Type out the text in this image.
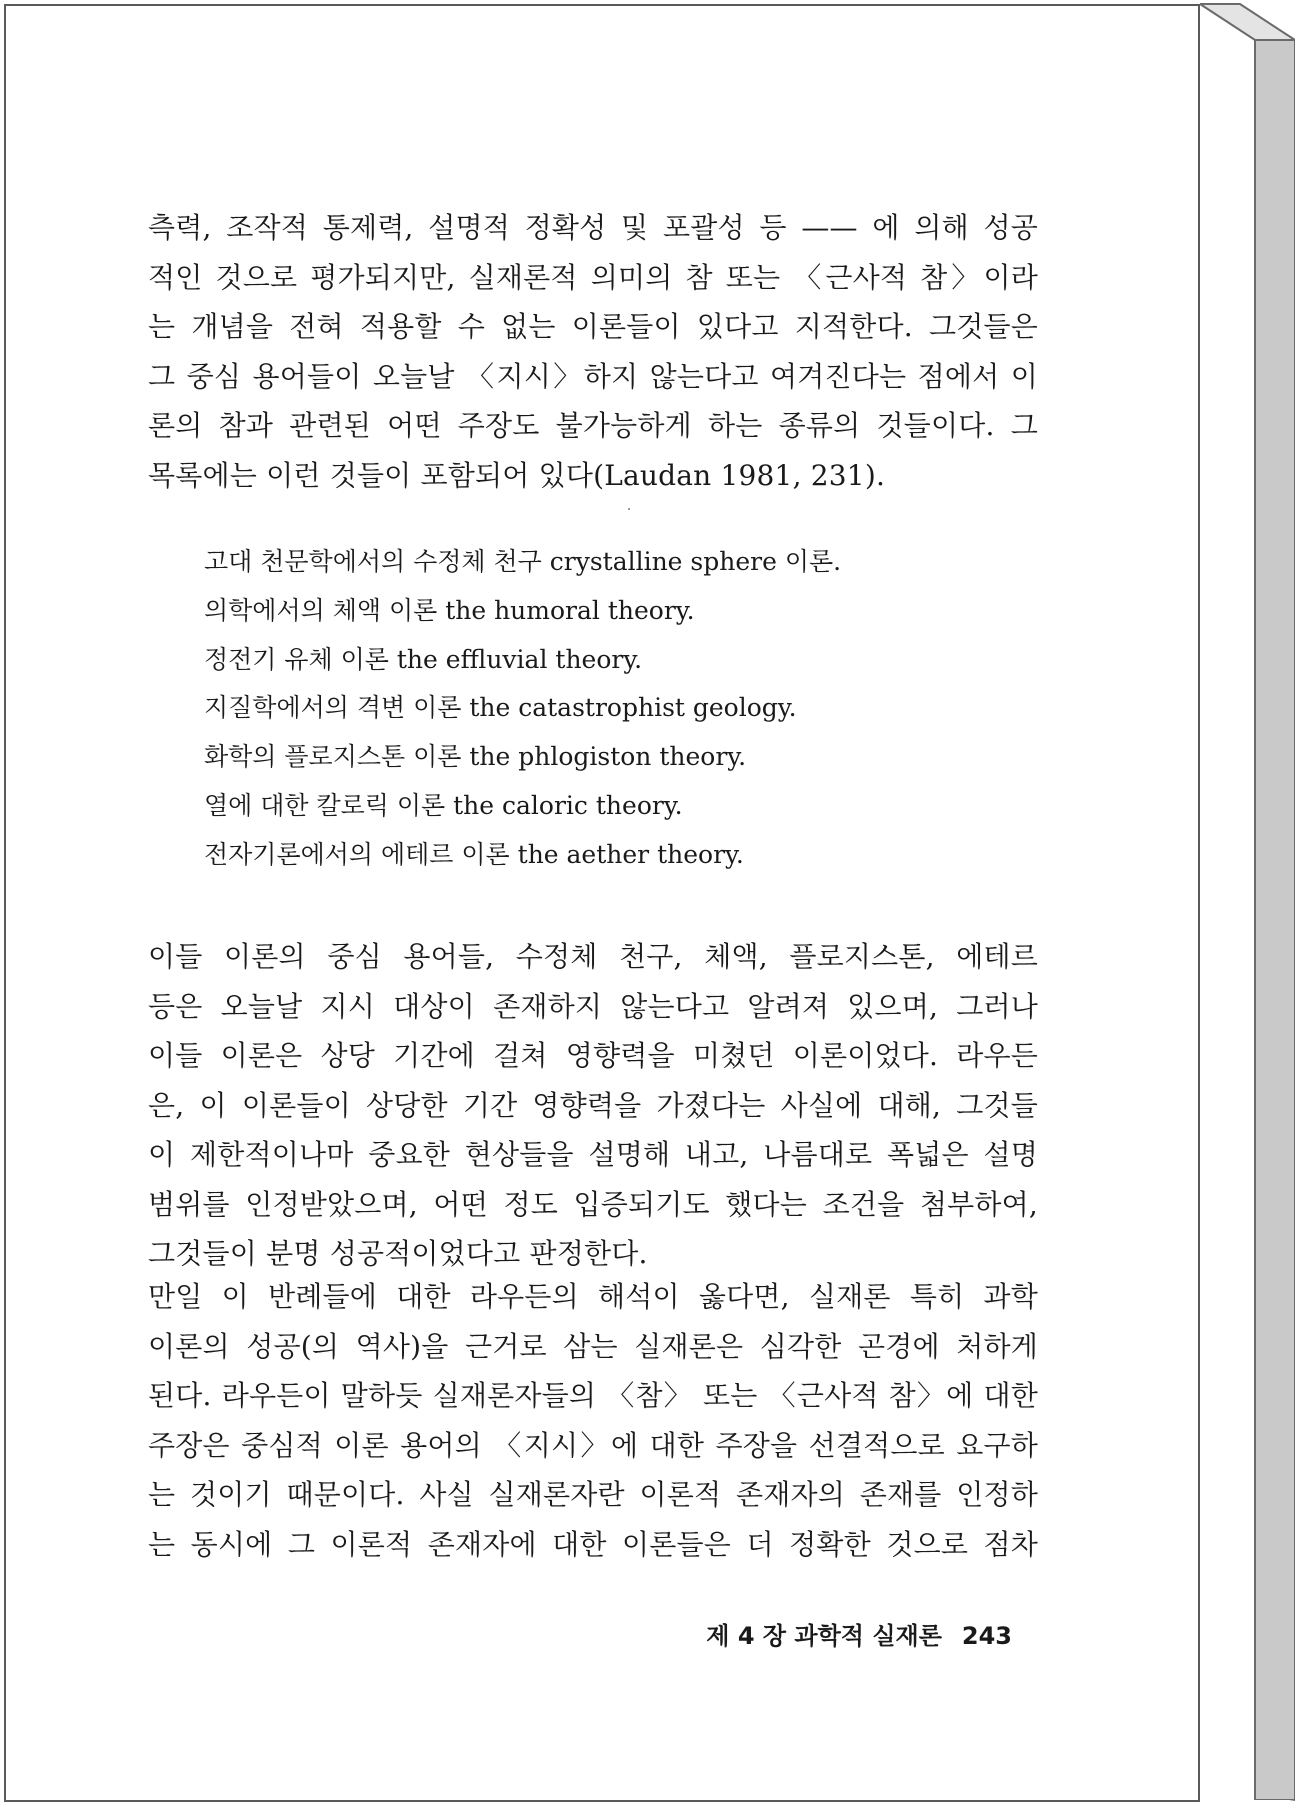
측력, 조작적 통제력, 설명적 정확성 및 포괄성 등 —— 에 의해 성공
적인 것으로 평가되지만, 실재론적 의미의 참 또는 〈근사적 참〉이라
는 개념을 전혀 적용할 수 없는 이론들이 있다고 지적한다. 그것들은
그 중심 용어들이 오늘날 〈지시〉하지 않는다고 여겨진다는 점에서 이
론의 참과 관련된 어떤 주장도 불가능하게 하는 종류의 것들이다. 그
목록에는 이런 것들이 포함되어 있다(Laudan 1981, 231).

고대 천문학에서의 수정체 천구 crystalline sphere 이론.
의학에서의 체액 이론 the humoral theory.
정전기 유체 이론 the effluvial theory.
지질학에서의 격변 이론 the catastrophist geology.
화학의 플로지스톤 이론 the phlogiston theory.
열에 대한 칼로릭 이론 the caloric theory.
전자기론에서의 에테르 이론 the aether theory.

이들 이론의 중심 용어들, 수정체 천구, 체액, 플로지스톤, 에테르
등은 오늘날 지시 대상이 존재하지 않는다고 알려져 있으며, 그러나
이들 이론은 상당 기간에 걸쳐 영향력을 미쳤던 이론이었다. 라우든
은, 이 이론들이 상당한 기간 영향력을 가졌다는 사실에 대해, 그것들
이 제한적이나마 중요한 현상들을 설명해 내고, 나름대로 폭넓은 설명
범위를 인정받았으며, 어떤 정도 입증되기도 했다는 조건을 첨부하여,
그것들이 분명 성공적이었다고 판정한다.

만일 이 반례들에 대한 라우든의 해석이 옳다면, 실재론 특히 과학
이론의 성공(의 역사)을 근거로 삼는 실재론은 심각한 곤경에 처하게
된다. 라우든이 말하듯 실재론자들의 〈참〉 또는 〈근사적 참〉에 대한
주장은 중심적 이론 용어의 〈지시〉에 대한 주장을 선결적으로 요구하
는 것이기 때문이다. 사실 실재론자란 이론적 존재자의 존재를 인정하
는 동시에 그 이론적 존재자에 대한 이론들은 더 정확한 것으로 점차

제 4 장 과학적 실재론 243
